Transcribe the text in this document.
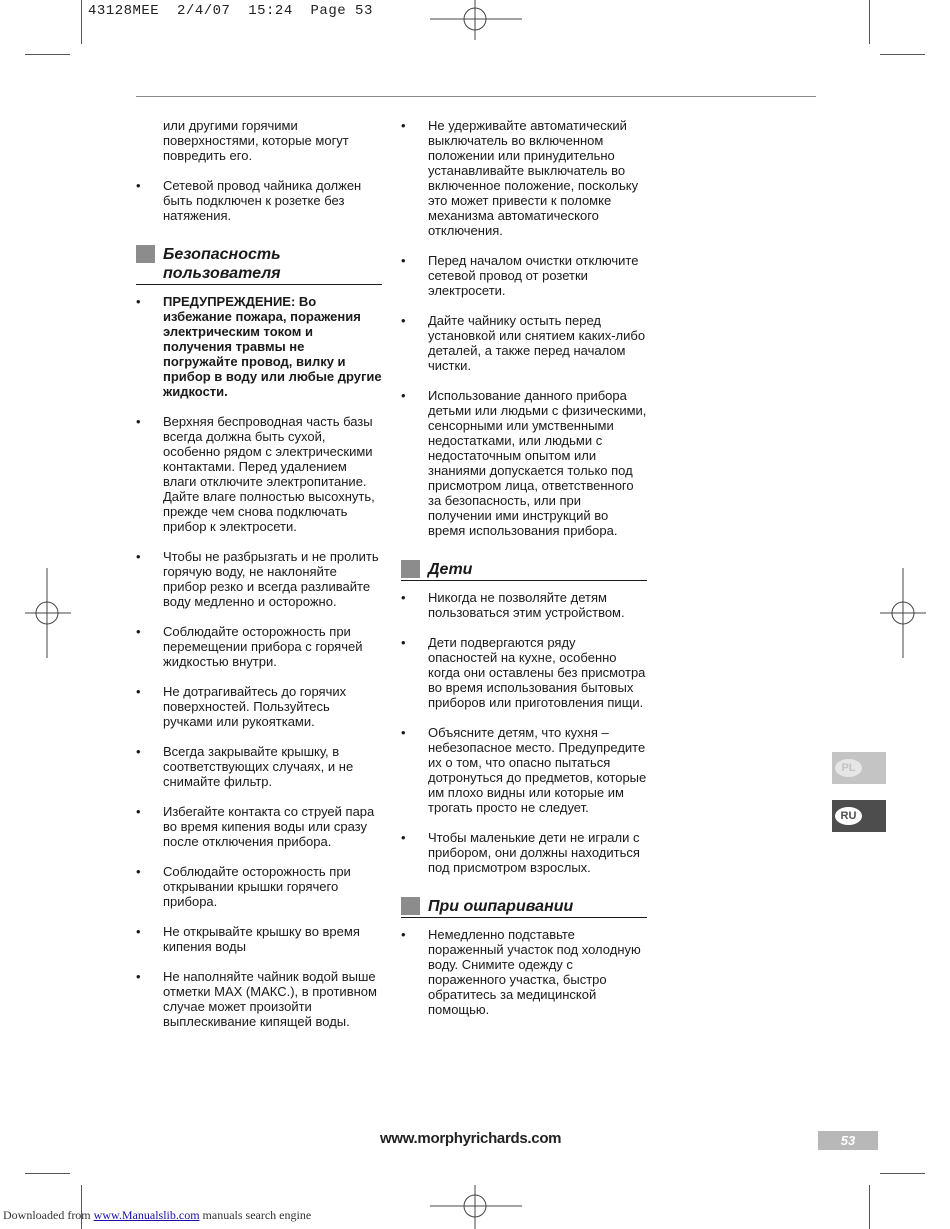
43128MEE  2/4/07  15:24  Page 53
или другими горячими поверхностями, которые могут повредить его.
•	Сетевой провод чайника должен быть подключен к розетке без натяжения.
Безопасность пользователя
•	ПРЕДУПРЕЖДЕНИЕ: Во избежание пожара, поражения электрическим током и получения травмы не погружайте провод, вилку и прибор в воду или любые другие жидкости.
•	Верхняя беспроводная часть базы всегда должна быть сухой, особенно рядом с электрическими контактами. Перед удалением влаги отключите электропитание. Дайте влаге полностью высохнуть, прежде чем снова подключать прибор к электросети.
•	Чтобы не разбрызгать и не пролить горячую воду, не наклоняйте прибор резко и всегда разливайте воду медленно и осторожно.
•	Соблюдайте осторожность при перемещении прибора с горячей жидкостью внутри.
•	Не дотрагивайтесь до горячих поверхностей. Пользуйтесь ручками или рукоятками.
•	Всегда закрывайте крышку, в соответствующих случаях, и не снимайте фильтр.
•	Избегайте контакта со струей пара во время кипения воды или сразу после отключения прибора.
•	Соблюдайте осторожность при открывании крышки горячего прибора.
•	Не открывайте крышку во время кипения воды
•	Не наполняйте чайник водой выше отметки MAX (МАКС.), в противном случае может произойти выплескивание кипящей воды.
•	Не удерживайте автоматический выключатель во включенном положении или принудительно устанавливайте выключатель во включенное положение, поскольку это может привести к поломке механизма автоматического отключения.
•	Перед началом очистки отключите сетевой провод от розетки электросети.
•	Дайте чайнику остыть перед установкой или снятием каких-либо деталей, а также перед началом чистки.
•	Использование данного прибора детьми или людьми с физическими, сенсорными или умственными недостатками, или людьми с недостаточным опытом или знаниями допускается только под присмотром лица, ответственного за безопасность, или при получении ими инструкций во время использования прибора.
Дети
•	Никогда не позволяйте детям пользоваться этим устройством.
•	Дети подвергаются ряду опасностей на кухне, особенно когда они оставлены без присмотра во время использования бытовых приборов или приготовления пищи.
•	Объясните детям, что кухня – небезопасное место. Предупредите их о том, что опасно пытаться дотронуться до предметов, которые им плохо видны или которые им трогать просто не следует.
•	Чтобы маленькие дети не играли с прибором, они должны находиться под присмотром взрослых.
При ошпаривании
•	Немедленно подставьте пораженный участок под холодную воду. Снимите одежду с пораженного участка, быстро обратитесь за медицинской помощью.
PL
RU
www.morphyrichards.com	53
Downloaded from www.Manualslib.com manuals search engine
